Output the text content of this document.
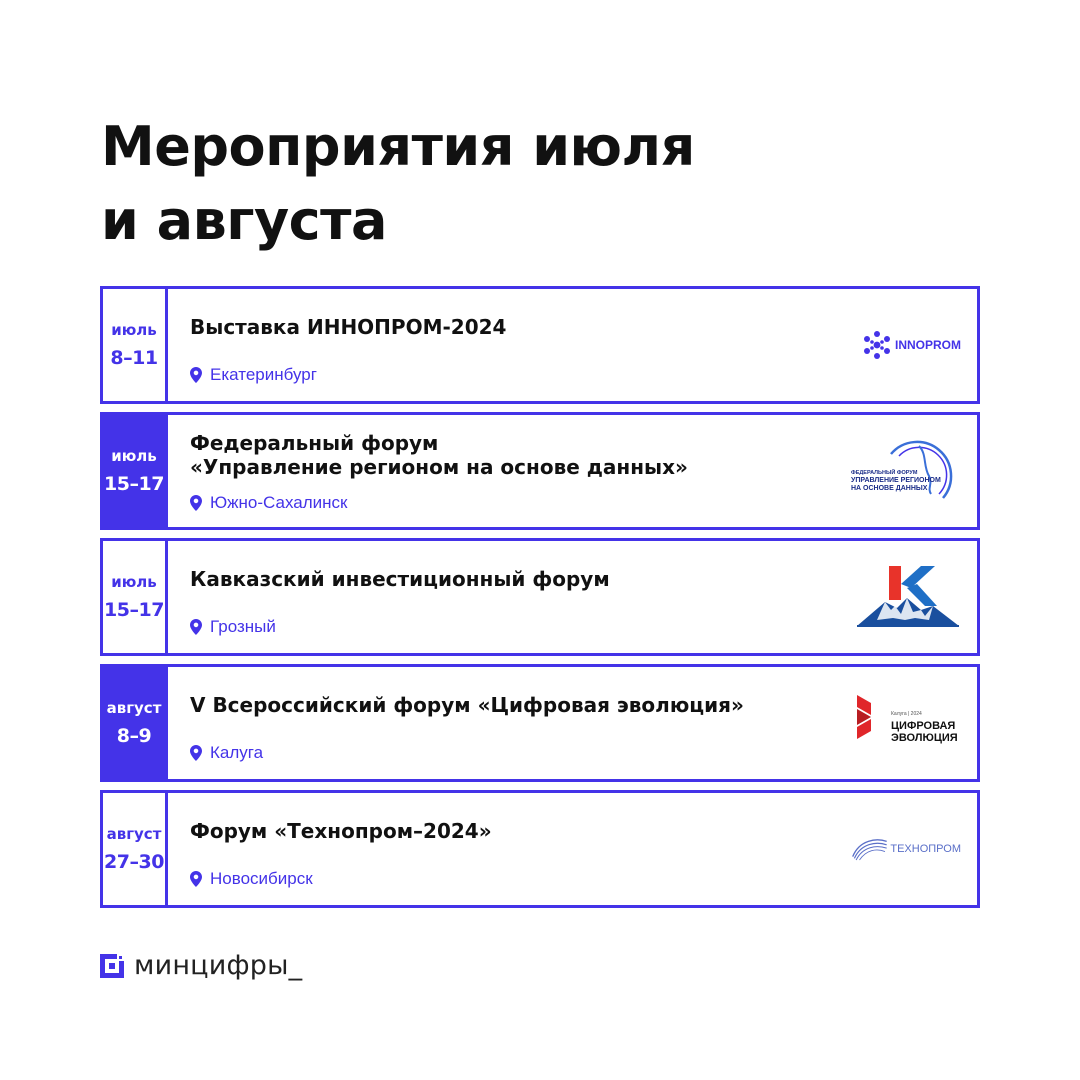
Мероприятия июля
и августа
июль
8–11
Выставка ИННОПРОМ-2024
Екатеринбург
INNOPROM
июль
15–17
Федеральный форум
«Управление регионом на основе данных»
Южно-Сахалинск
ФЕДЕРАЛЬНЫЙ ФОРУМ
УПРАВЛЕНИЕ РЕГИОНОМ
НА ОСНОВЕ ДАННЫХ
июль
15–17
Кавказский инвестиционный форум
Грозный
август
8–9
V Всероссийский форум «Цифровая эволюция»
Калуга
Калуга | 2024
ЦИФРОВАЯ
ЭВОЛЮЦИЯ
август
27–30
Форум «Технопром–2024»
Новосибирск
ТЕХНОПРОМ
минцифры_
